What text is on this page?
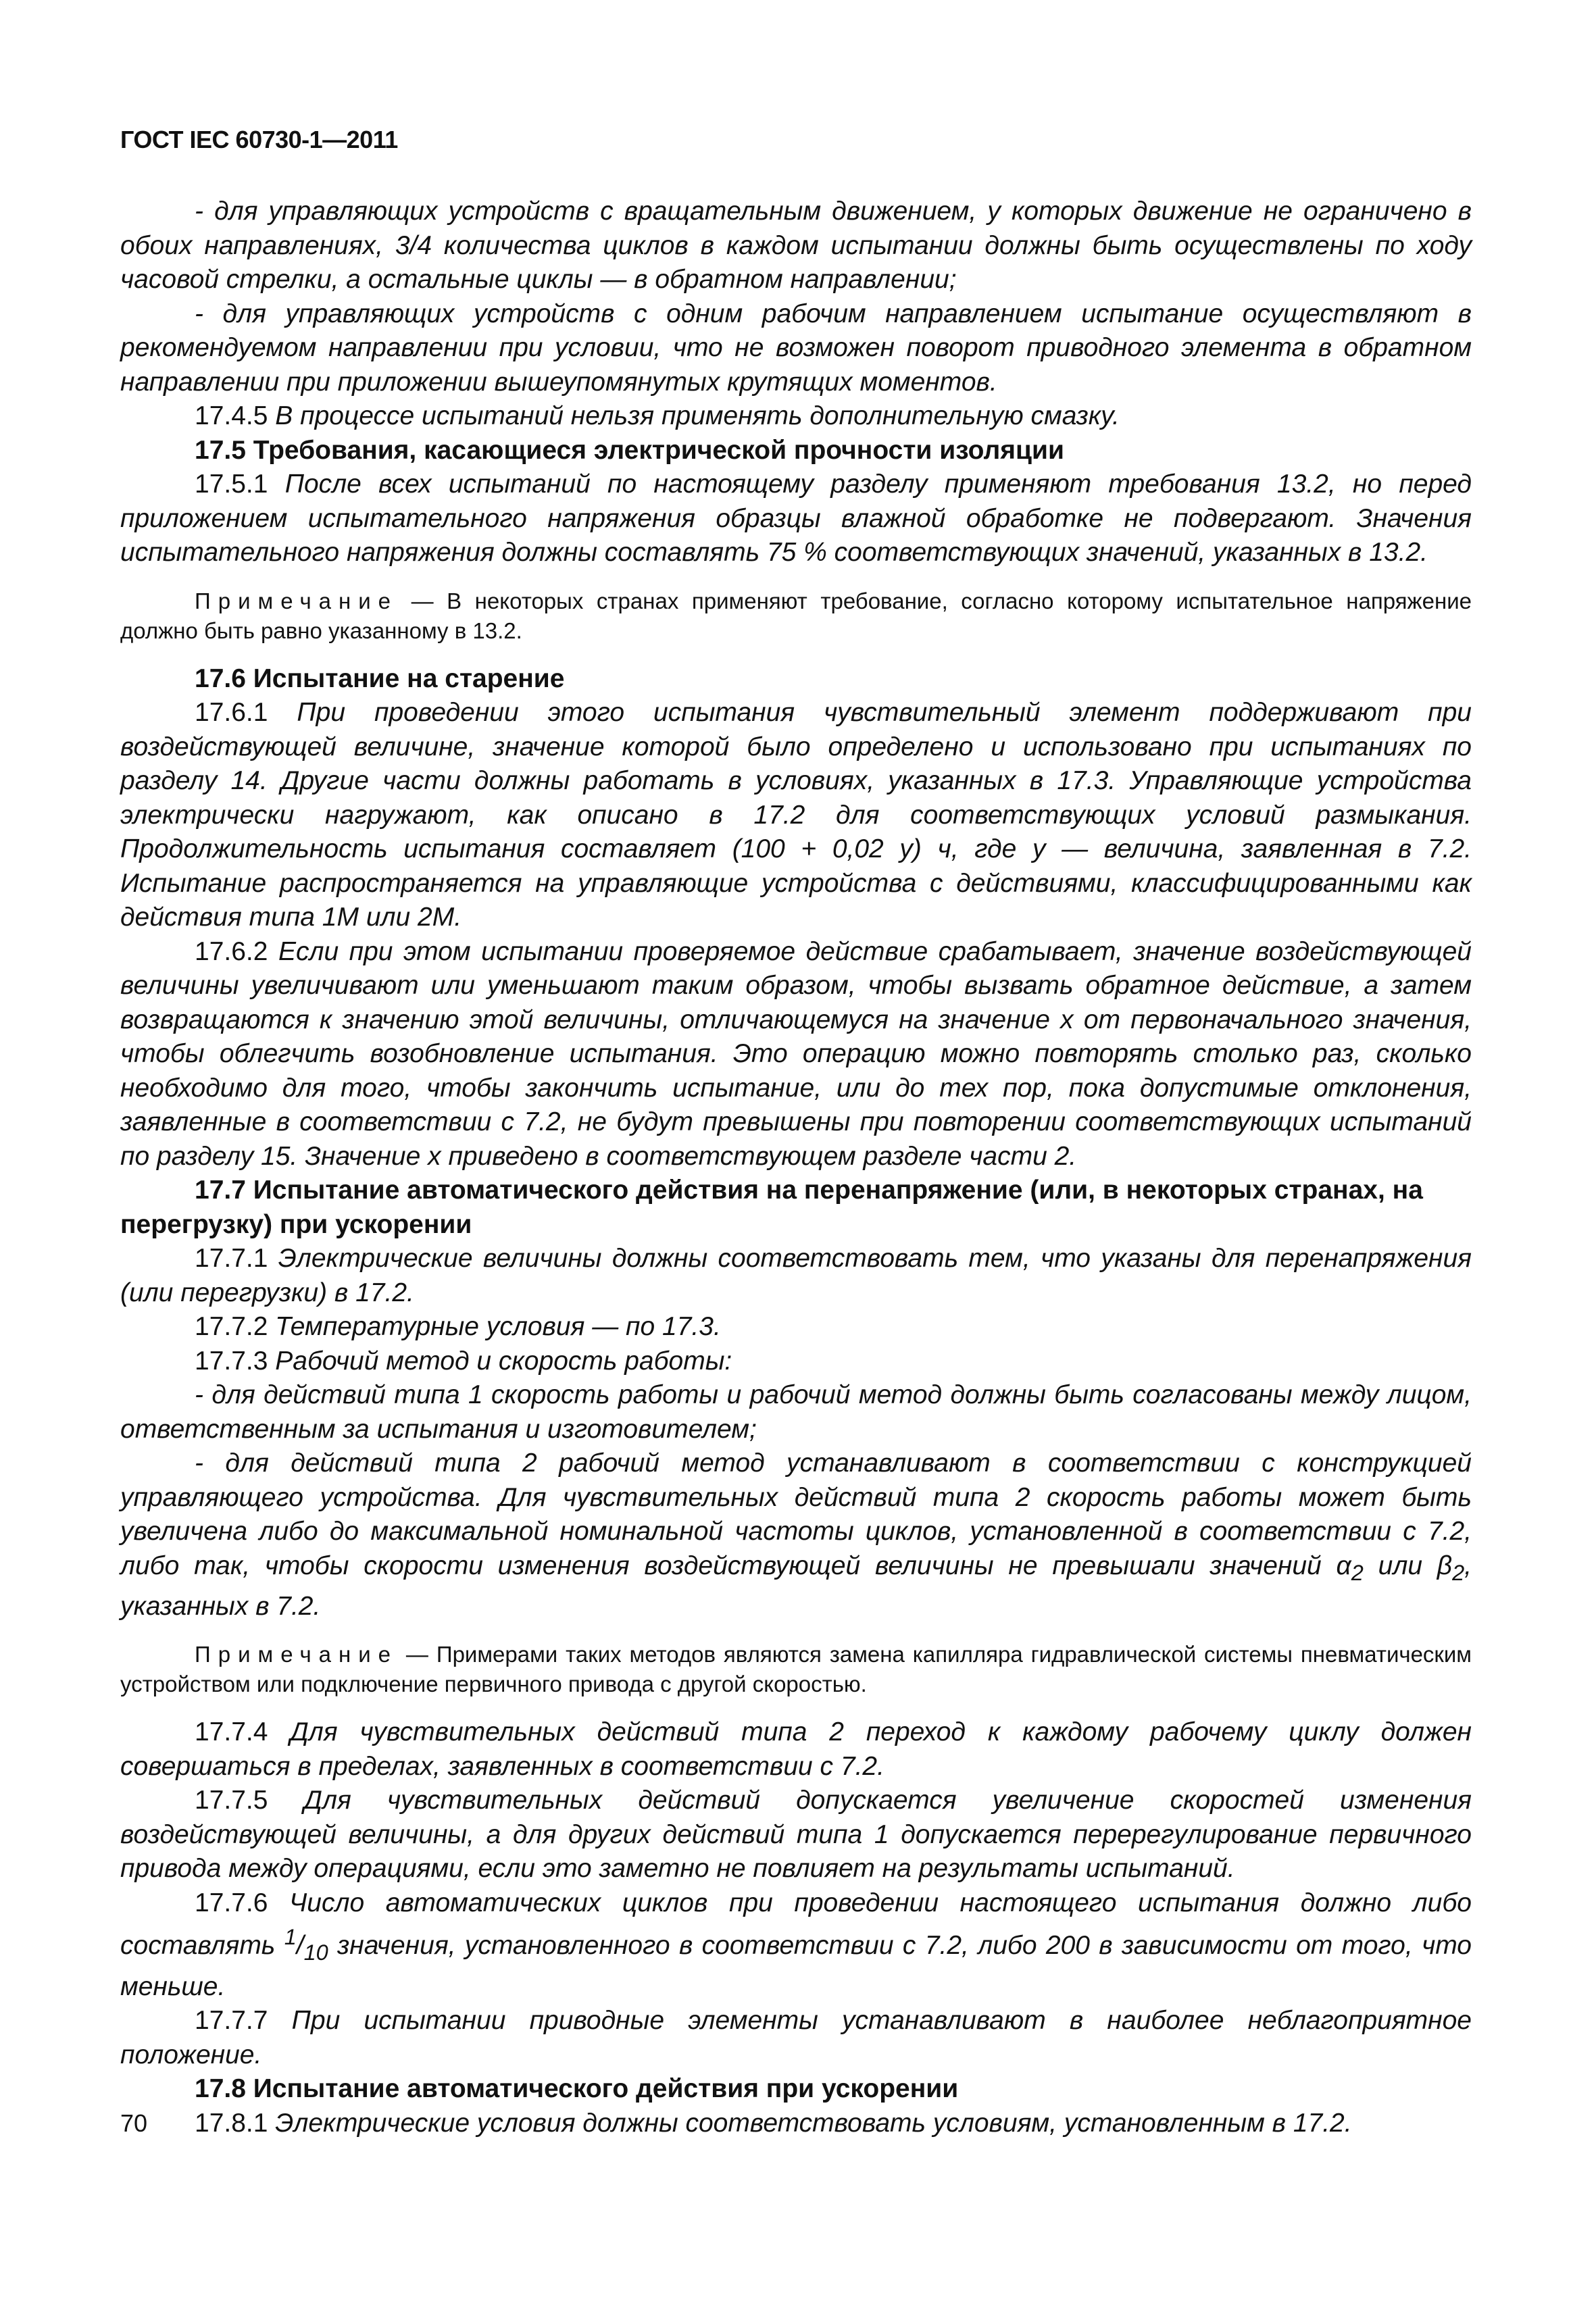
ГОСТ IEC 60730-1—2011

- для управляющих устройств с вращательным движением, у которых движение не ограничено в обоих направлениях, 3/4 количества циклов в каждом испытании должны быть осуществлены по ходу часовой стрелки, а остальные циклы — в обратном направлении;

- для управляющих устройств с одним рабочим направлением испытание осуществляют в рекомендуемом направлении при условии, что не возможен поворот приводного элемента в обратном направлении при приложении вышеупомянутых крутящих моментов.

17.4.5 В процессе испытаний нельзя применять дополнительную смазку.

17.5 Требования, касающиеся электрической прочности изоляции

17.5.1 После всех испытаний по настоящему разделу применяют требования 13.2, но перед приложением испытательного напряжения образцы влажной обработке не подвергают. Значения испытательного напряжения должны составлять 75 % соответствующих значений, указанных в 13.2.

Примечание — В некоторых странах применяют требование, согласно которому испытательное напряжение должно быть равно указанному в 13.2.

17.6 Испытание на старение

17.6.1 При проведении этого испытания чувствительный элемент поддерживают при воздействующей величине, значение которой было определено и использовано при испытаниях по разделу 14. Другие части должны работать в условиях, указанных в 17.3. Управляющие устройства электрически нагружают, как описано в 17.2 для соответствующих условий размыкания. Продолжительность испытания составляет (100 + 0,02 y) ч, где y — величина, заявленная в 7.2. Испытание распространяется на управляющие устройства с действиями, классифицированными как действия типа 1M или 2M.

17.6.2 Если при этом испытании проверяемое действие срабатывает, значение воздействующей величины увеличивают или уменьшают таким образом, чтобы вызвать обратное действие, а затем возвращаются к значению этой величины, отличающемуся на значение x от первоначального значения, чтобы облегчить возобновление испытания. Это операцию можно повторять столько раз, сколько необходимо для того, чтобы закончить испытание, или до тех пор, пока допустимые отклонения, заявленные в соответствии с 7.2, не будут превышены при повторении соответствующих испытаний по разделу 15. Значение x приведено в соответствующем разделе части 2.

17.7 Испытание автоматического действия на перенапряжение (или, в некоторых странах, на перегрузку) при ускорении

17.7.1 Электрические величины должны соответствовать тем, что указаны для перенапряжения (или перегрузки) в 17.2.

17.7.2 Температурные условия — по 17.3.

17.7.3 Рабочий метод и скорость работы:

- для действий типа 1 скорость работы и рабочий метод должны быть согласованы между лицом, ответственным за испытания и изготовителем;

- для действий типа 2 рабочий метод устанавливают в соответствии с конструкцией управляющего устройства. Для чувствительных действий типа 2 скорость работы может быть увеличена либо до максимальной номинальной частоты циклов, установленной в соответствии с 7.2, либо так, чтобы скорости изменения воздействующей величины не превышали значений $\alpha_2$ или $\beta_2$, указанных в 7.2.

Примечание — Примерами таких методов являются замена капилляра гидравлической системы пневматическим устройством или подключение первичного привода с другой скоростью.

17.7.4 Для чувствительных действий типа 2 переход к каждому рабочему циклу должен совершаться в пределах, заявленных в соответствии с 7.2.

17.7.5 Для чувствительных действий допускается увеличение скоростей изменения воздействующей величины, а для других действий типа 1 допускается перерегулирование первичного привода между операциями, если это заметно не повлияет на результаты испытаний.

17.7.6 Число автоматических циклов при проведении настоящего испытания должно либо составлять $^1/_{10}$ значения, установленного в соответствии с 7.2, либо 200 в зависимости от того, что меньше.

17.7.7 При испытании приводные элементы устанавливают в наиболее неблагоприятное положение.

17.8 Испытание автоматического действия при ускорении

17.8.1 Электрические условия должны соответствовать условиям, установленным в 17.2.

70
